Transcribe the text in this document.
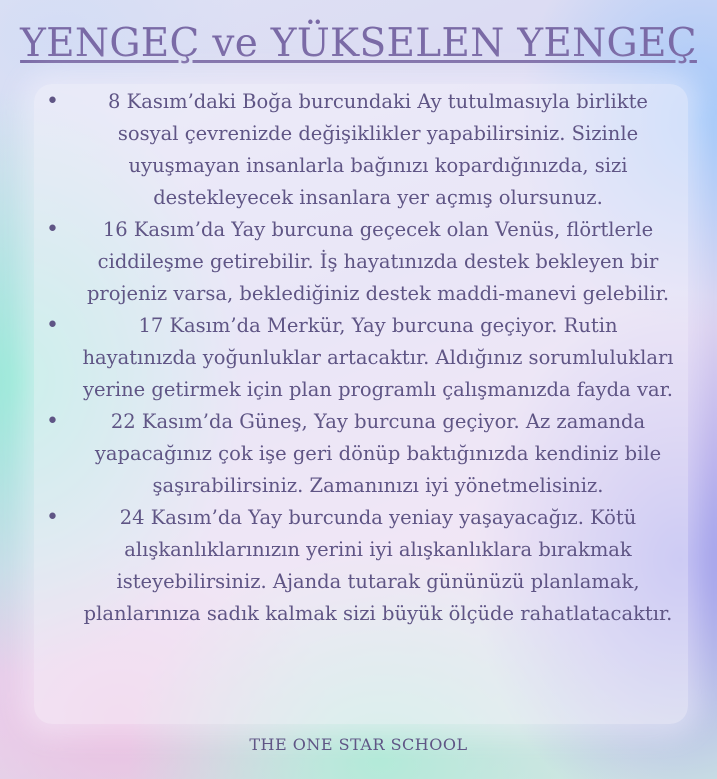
YENGEÇ ve YÜKSELEN YENGEÇ
•	8 Kasım’daki Boğa burcundaki Ay tutulmasıyla birlikte sosyal çevrenizde değişiklikler yapabilirsiniz. Sizinle uyuşmayan insanlarla bağınızı kopardığınızda, sizi destekleyecek insanlara yer açmış olursunuz.
• 16 Kasım’da Yay burcuna geçecek olan Venüs, flörtlerle ciddileşme getirebilir. İş hayatınızda destek bekleyen bir projeniz varsa, beklediğiniz destek maddi-manevi gelebilir.
•	17 Kasım’da Merkür, Yay burcuna geçiyor. Rutin hayatınızda yoğunluklar artacaktır. Aldığınız sorumlulukları yerine getirmek için plan programlı çalışmanızda fayda var.
•	22 Kasım’da Güneş, Yay burcuna geçiyor. Az zamanda yapacağınız çok işe geri dönüp baktığınızda kendiniz bile şaşırabilirsiniz. Zamanınızı iyi yönetmelisiniz.
•	24 Kasım’da Yay burcunda yeniay yaşayacağız. Kötü alışkanlıklarınızın yerini iyi alışkanlıklara bırakmak isteyebilirsiniz. Ajanda tutarak gününüzü planlamak, planlarınıza sadık kalmak sizi büyük ölçüde rahatlatacaktır.
THE ONE STAR SCHOOL
